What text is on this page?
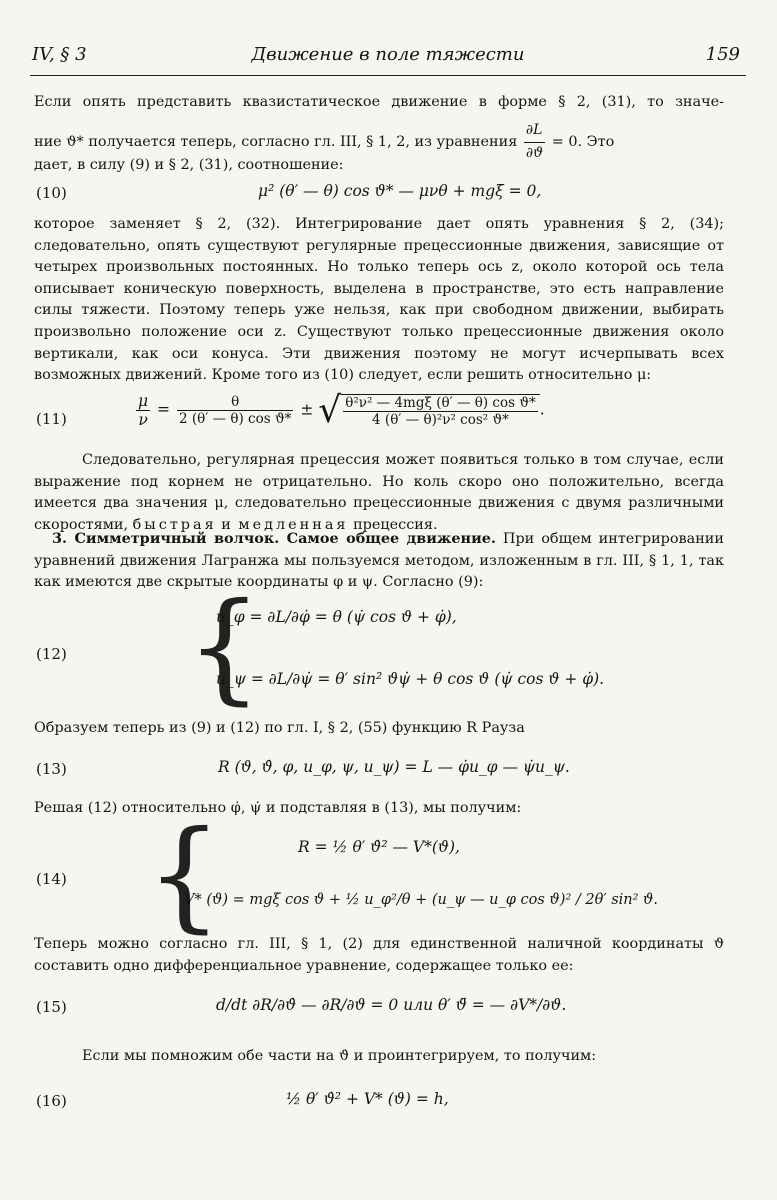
IV, § 3	Движение в поле тяжести	159
Если опять представить квазистатическое движение в форме § 2, (31), то значе-
ние ϑ* получается теперь, согласно гл. III, § 1, 2, из уравнения $\frac{\partial L}{\partial ϑ} = 0$. Это
дает, в силу (9) и § 2, (31), соотношение:
(10)	μ² (θ′ — θ) cos ϑ* — μνθ + mgξ = 0,
которое заменяет § 2, (32). Интегрирование дает опять уравнения § 2, (34); следовательно, опять существуют регулярные прецессионные движения, зависящие от четырех произвольных постоянных. Но только теперь ось z, около которой ось тела описывает коническую поверхность, выделена в пространстве, это есть направление силы тяжести. Поэтому теперь уже нельзя, как при свободном движении, выбирать произвольно положение оси z. Существуют только прецессионные движения около вертикали, как оси конуса. Эти движения поэтому не могут исчерпывать всех возможных движений. Кроме того из (10) следует, если решить относительно μ:
(11)	$\frac{\mu}{\nu} = \frac{\theta}{\text{2 (θ′ — θ) cos ϑ*}}$ ± √ $\frac{\text{θ²ν² — 4mgξ (θ′ — θ) cos ϑ*}}{\text{4 (θ′ — θ)²ν² cos² ϑ*}}$ .
Следовательно, регулярная прецессия может появиться только в том случае, если выражение под корнем не отрицательно. Но коль скоро оно положительно, всегда имеется два значения μ, следовательно прецессионные движения с двумя различными скоростями, быстрая и медленная прецессия.
3. Симметричный волчок. Самое общее движение. При общем интегрировании уравнений движения Лагранжа мы пользуемся методом, изложенным в гл. III, § 1, 1, так как имеются две скрытые координаты φ и ψ. Согласно (9):
(12) {
u_φ = ∂L/∂φ̇ = θ (ψ̇ cos ϑ + φ̇),
u_ψ = ∂L/∂ψ̇ = θ′ sin² ϑψ̇ + θ cos ϑ (ψ̇ cos ϑ + φ̇).
Образуем теперь из (9) и (12) по гл. I, § 2, (55) функцию R Рауза
(13)	R (ϑ, ϑ̇, φ, u_φ, ψ, u_ψ) = L — φ̇u_φ — ψ̇u_ψ.
Решая (12) относительно φ̇, ψ̇ и подставляя в (13), мы получим:
(14) {	R = ½ θ′ ϑ̇² — V*(ϑ),
V* (ϑ) = mgξ cos ϑ + ½ u_φ²/θ + (u_ψ — u_φ cos ϑ)² / 2θ′ sin² ϑ.
Теперь можно согласно гл. III, § 1, (2) для единственной наличной координаты ϑ составить одно дифференциальное уравнение, содержащее только ее:
(15)	d/dt ∂R/∂ϑ̇ — ∂R/∂ϑ = 0 или θ′ ϑ̈ = — ∂V*/∂ϑ.
Если мы помножим обе части на ϑ̇ и проинтегрируем, то получим:
(16)	½ θ′ ϑ̇² + V* (ϑ) = h,
